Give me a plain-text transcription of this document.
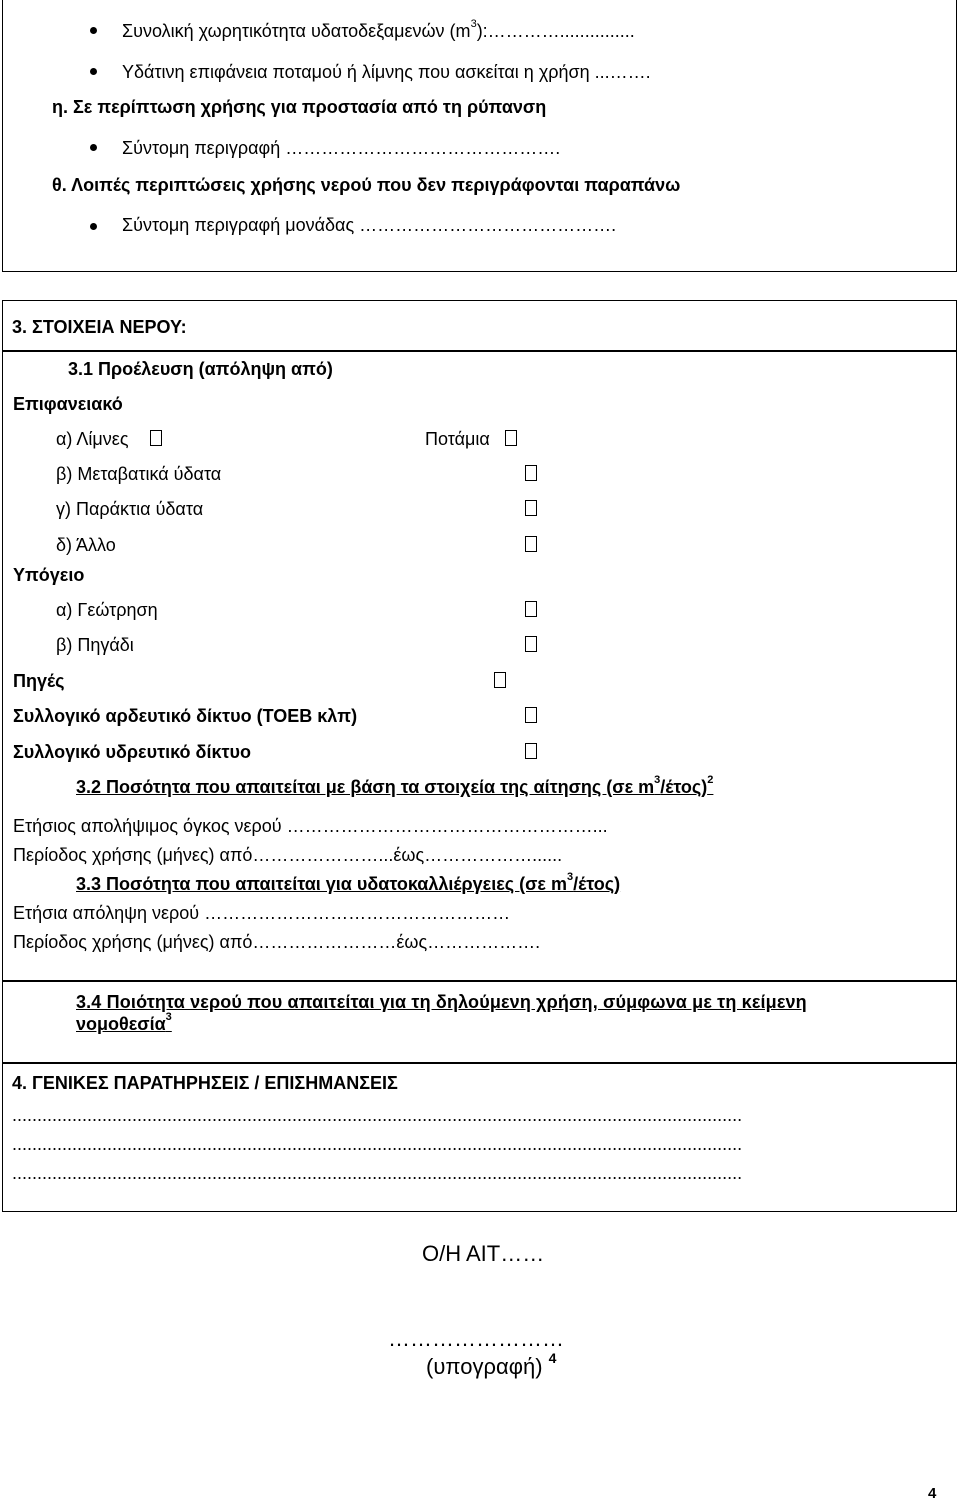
Συνολική χωρητικότητα υδατοδεξαμενών $(m^3):\dots\dots\dots\dots$...............
Υδάτινη επιφάνεια ποταμού ή λίμνης που ασκείται η χρήση ...…….
η. Σε περίπτωση χρήσης για προστασία από τη ρύπανση
Σύντομη περιγραφή ……………………………………….
θ. Λοιπές περιπτώσεις χρήσης νερού που δεν περιγράφονται παραπάνω
Σύντομη περιγραφή μονάδας …………………………………….
3. ΣΤΟΙΧΕΙΑ ΝΕΡΟΥ:
3.1 Προέλευση (απόληψη από)
Επιφανειακό
α) Λίμνες	Ποτάμια
β) Μεταβατικά ύδατα
γ) Παράκτια ύδατα
δ) Άλλο
Υπόγειο
α) Γεώτρηση
β) Πηγάδι
Πηγές
Συλλογικό αρδευτικό δίκτυο (ΤΟΕΒ κλπ)
Συλλογικό υδρευτικό δίκτυο
3.2 Ποσότητα που απαιτείται με βάση τα στοιχεία της αίτησης (σε $m^3/έ\tau o\varsigma)^2$
Ετήσιος απολήψιμος όγκος νερού ……………………………………………...
Περίοδος χρήσης (μήνες) από…………………...έως………………......
3.3 Ποσότητα που απαιτείται για υδατοκαλλιέργειες (σε $m^3/έ\tau o\varsigma$)
Ετήσια απόληψη νερού ……………………………………………
Περίοδος χρήσης (μήνες) από……………………έως……………….
3.4 Ποιότητα νερού που απαιτείται για τη δηλούμενη χρήση, σύμφωνα με τη κείμενη
νομοθεσία$^3$
4. ΓΕΝΙΚΕΣ ΠΑΡΑΤΗΡΗΣΕΙΣ / ΕΠΙΣΗΜΑΝΣΕΙΣ
..................................................................................................................................................
..................................................................................................................................................
..................................................................................................................................................
Ο/Η ΑΙΤ……
……………………
(υπογραφή) $^4$
4
